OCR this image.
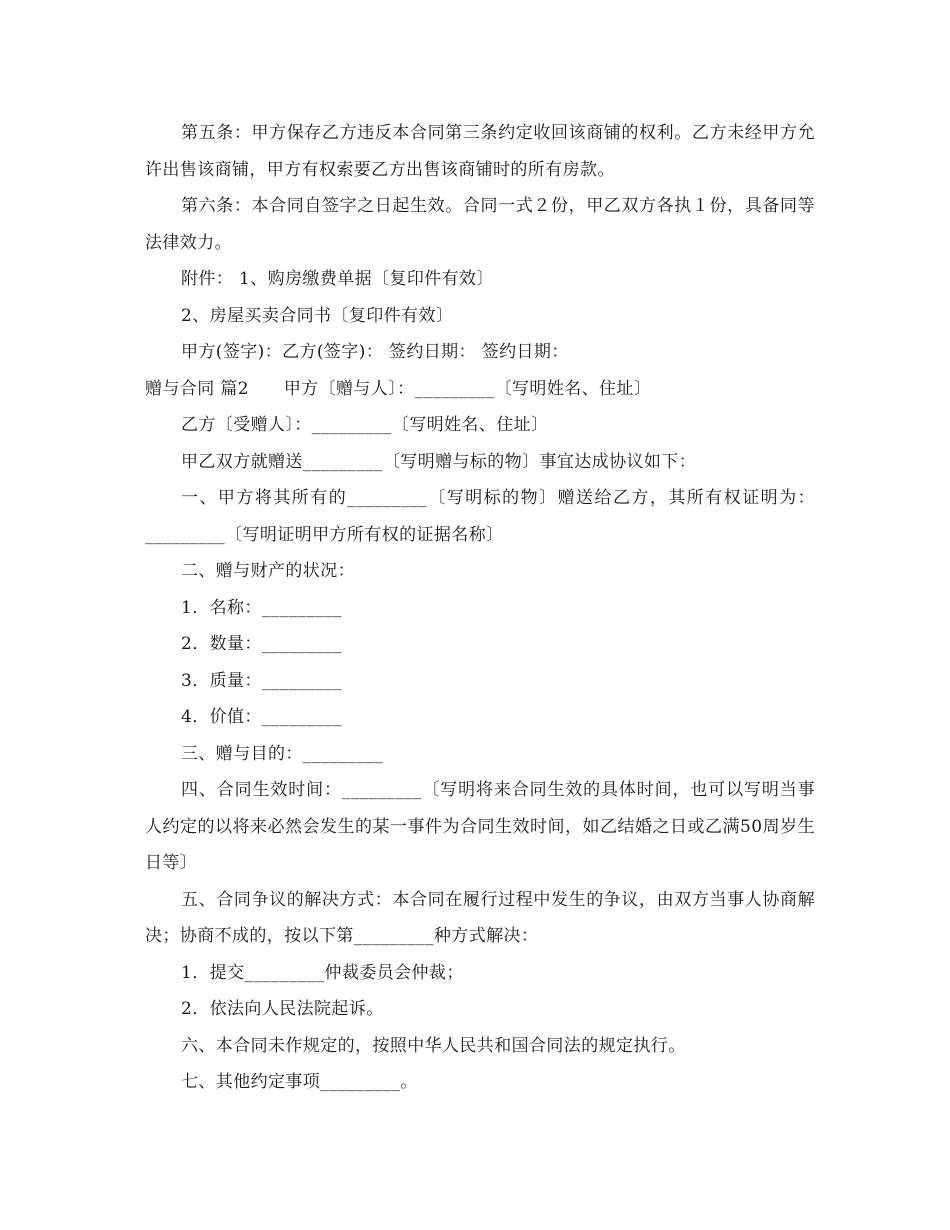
第五条：甲方保存乙方违反本合同第三条约定收回该商铺的权利。乙方未经甲方允许出售该商铺，甲方有权索要乙方出售该商铺时的所有房款。

第六条：本合同自签字之日起生效。合同一式２份，甲乙双方各执１份，具备同等法律效力。

附件： 1、购房缴费单据〔复印件有效〕

2、房屋买卖合同书〔复印件有效〕

甲方(签字)：乙方(签字)： 签约日期： 签约日期：

赠与合同 篇2　　甲方〔赠与人〕：_________〔写明姓名、住址〕

乙方〔受赠人〕：_________〔写明姓名、住址〕

甲乙双方就赠送_________〔写明赠与标的物〕事宜达成协议如下：

一、甲方将其所有的_________〔写明标的物〕赠送给乙方，其所有权证明为：_________〔写明证明甲方所有权的证据名称〕

二、赠与财产的状况：

1．名称：_________

2．数量：_________

3．质量：_________

4．价值：_________

三、赠与目的：_________

四、合同生效时间：_________〔写明将来合同生效的具体时间，也可以写明当事人约定的以将来必然会发生的某一事件为合同生效时间，如乙结婚之日或乙满50周岁生日等〕

五、合同争议的解决方式：本合同在履行过程中发生的争议，由双方当事人协商解决；协商不成的，按以下第_________种方式解决：

1．提交_________仲裁委员会仲裁；

2．依法向人民法院起诉。

六、本合同未作规定的，按照中华人民共和国合同法的规定执行。

七、其他约定事项_________。
